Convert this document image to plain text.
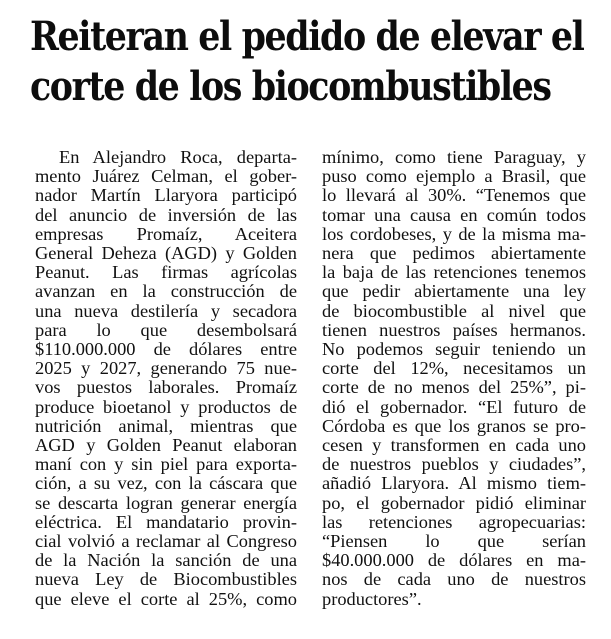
Reiteran el pedido de elevar el
corte de los biocombustibles
En Alejandro Roca, departa-
mento Juárez Celman, el gober-
nador Martín Llaryora participó
del anuncio de inversión de las
empresas Promaíz, Aceitera
General Deheza (AGD) y Golden
Peanut. Las firmas agrícolas
avanzan en la construcción de
una nueva destilería y secadora
para lo que desembolsará
$110.000.000 de dólares entre
2025 y 2027, generando 75 nue-
vos puestos laborales. Promaíz
produce bioetanol y productos de
nutrición animal, mientras que
AGD y Golden Peanut elaboran
maní con y sin piel para exporta-
ción, a su vez, con la cáscara que
se descarta logran generar energía
eléctrica. El mandatario provin-
cial volvió a reclamar al Congreso
de la Nación la sanción de una
nueva Ley de Biocombustibles
que eleve el corte al 25%, como
mínimo, como tiene Paraguay, y
puso como ejemplo a Brasil, que
lo llevará al 30%. “Tenemos que
tomar una causa en común todos
los cordobeses, y de la misma ma-
nera que pedimos abiertamente
la baja de las retenciones tenemos
que pedir abiertamente una ley
de biocombustible al nivel que
tienen nuestros países hermanos.
No podemos seguir teniendo un
corte del 12%, necesitamos un
corte de no menos del 25%”, pi-
dió el gobernador. “El futuro de
Córdoba es que los granos se pro-
cesen y transformen en cada uno
de nuestros pueblos y ciudades”,
añadió Llaryora. Al mismo tiem-
po, el gobernador pidió eliminar
las retenciones agropecuarias:
“Piensen lo que serían
$40.000.000 de dólares en ma-
nos de cada uno de nuestros
productores”.
